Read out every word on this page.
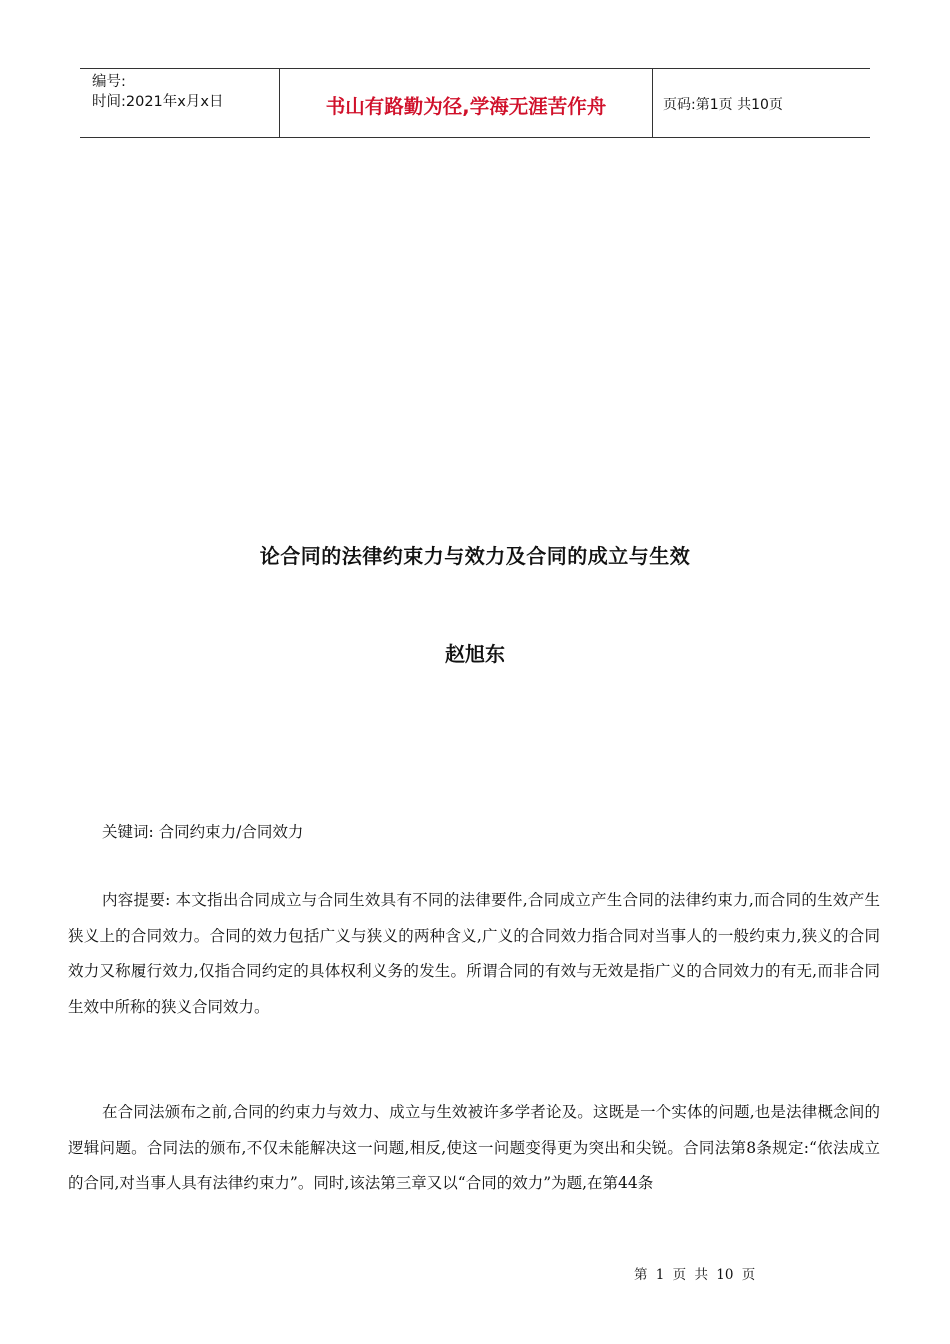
编号:
时间:2021年x月x日	书山有路勤为径,学海无涯苦作舟	页码:第1页 共10页
论合同的法律约束力与效力及合同的成立与生效
赵旭东

关键词: 合同约束力/合同效力

内容提要: 本文指出合同成立与合同生效具有不同的法律要件,合同成立产生合同的法律约束力,而合同的生效产生狭义上的合同效力。合同的效力包括广义与狭义的两种含义,广义的合同效力指合同对当事人的一般约束力,狭义的合同效力又称履行效力,仅指合同约定的具体权利义务的发生。所谓合同的有效与无效是指广义的合同效力的有无,而非合同生效中所称的狭义合同效力。

在合同法颁布之前,合同的约束力与效力、成立与生效被许多学者论及。这既是一个实体的问题,也是法律概念间的逻辑问题。合同法的颁布,不仅未能解决这一问题,相反,使这一问题变得更为突出和尖锐。合同法第8条规定:“依法成立的合同,对当事人具有法律约束力”。同时,该法第三章又以“合同的效力”为题,在第44条

第 1 页 共 10 页
